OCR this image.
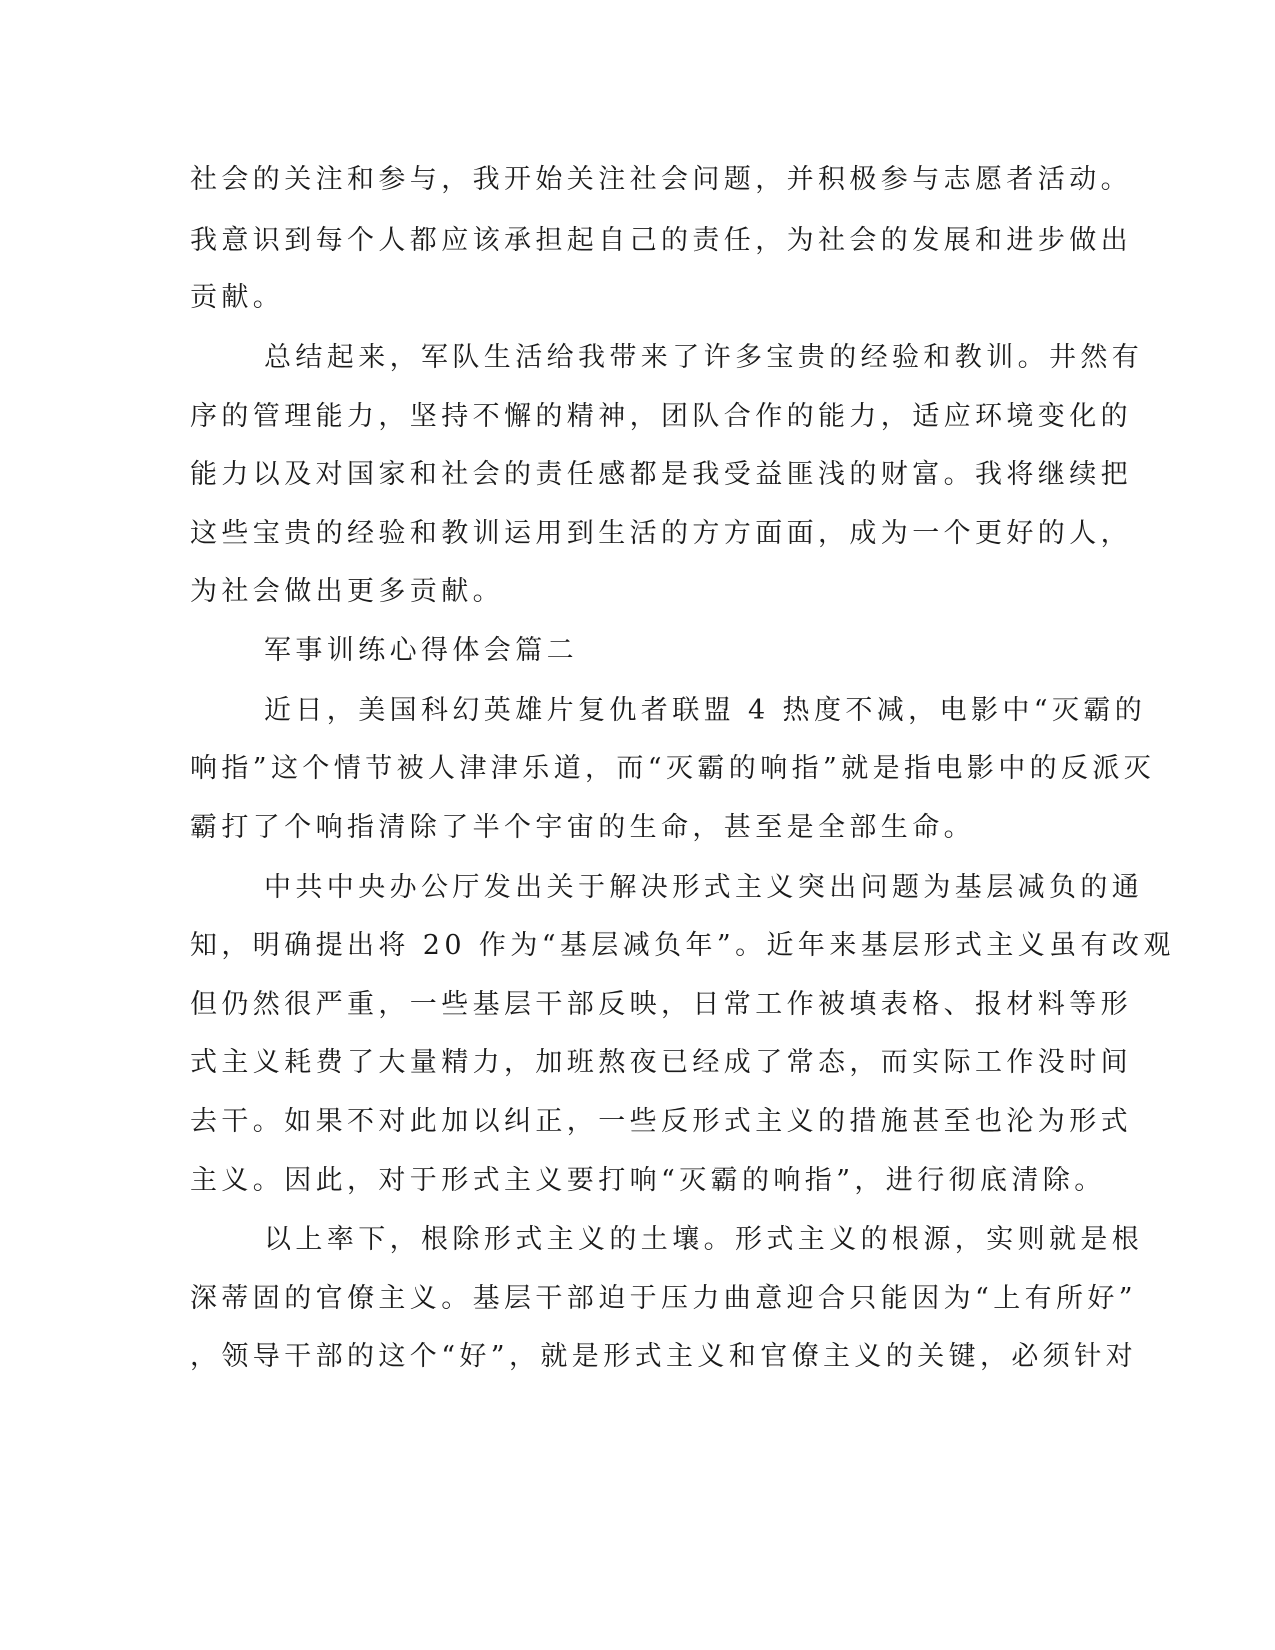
社会的关注和参与，我开始关注社会问题，并积极参与志愿者活动。
我意识到每个人都应该承担起自己的责任，为社会的发展和进步做出
贡献。
总结起来，军队生活给我带来了许多宝贵的经验和教训。井然有
序的管理能力，坚持不懈的精神，团队合作的能力，适应环境变化的
能力以及对国家和社会的责任感都是我受益匪浅的财富。我将继续把
这些宝贵的经验和教训运用到生活的方方面面，成为一个更好的人，
为社会做出更多贡献。
军事训练心得体会篇二
近日，美国科幻英雄片复仇者联盟 4 热度不减，电影中“灭霸的
响指”这个情节被人津津乐道，而“灭霸的响指”就是指电影中的反派灭
霸打了个响指清除了半个宇宙的生命，甚至是全部生命。
中共中央办公厅发出关于解决形式主义突出问题为基层减负的通
知，明确提出将 20 作为“基层减负年”。近年来基层形式主义虽有改观
但仍然很严重，一些基层干部反映，日常工作被填表格、报材料等形
式主义耗费了大量精力，加班熬夜已经成了常态，而实际工作没时间
去干。如果不对此加以纠正，一些反形式主义的措施甚至也沦为形式
主义。因此，对于形式主义要打响“灭霸的响指”，进行彻底清除。
以上率下，根除形式主义的土壤。形式主义的根源，实则就是根
深蒂固的官僚主义。基层干部迫于压力曲意迎合只能因为“上有所好”
，领导干部的这个“好”，就是形式主义和官僚主义的关键，必须针对
